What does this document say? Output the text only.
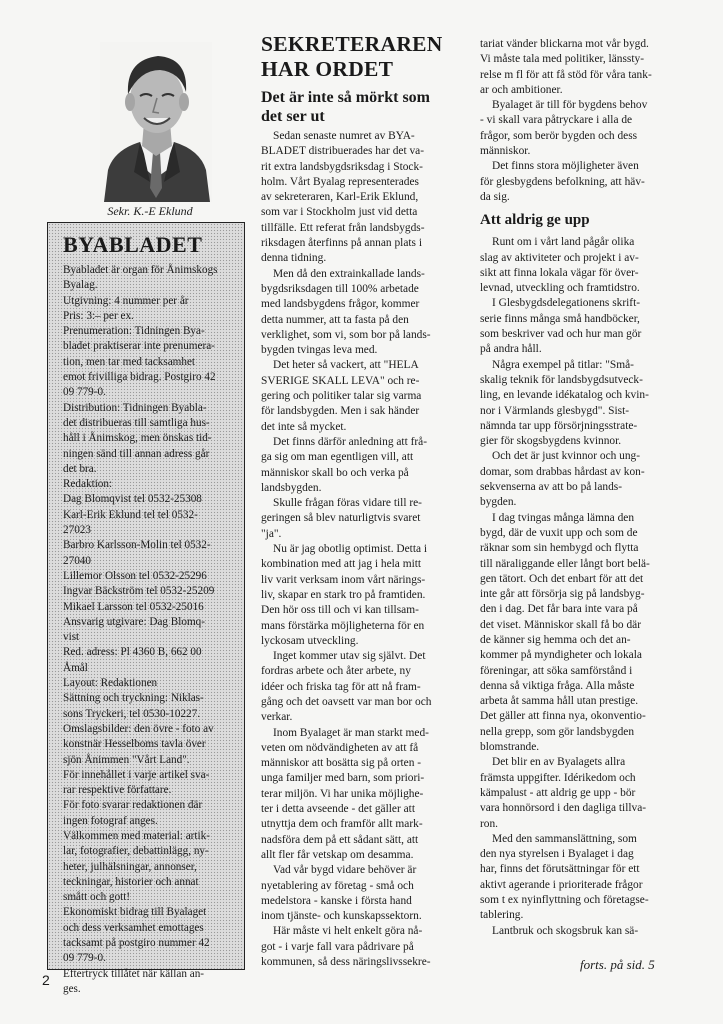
Sekr. K.-E Eklund
BYABLADET
Byabladet är organ för Ånimskogs
Byalag.
Utgivning: 4 nummer per år
Pris: 3:– per ex.
Prenumeration: Tidningen Bya-
bladet praktiserar inte prenumera-
tion, men tar med tacksamhet
emot frivilliga bidrag. Postgiro 42
09 779-0.
Distribution: Tidningen Byabla-
det distribueras till samtliga hus-
håll i Ånimskog, men önskas tid-
ningen sänd till annan adress går
det bra.
Redaktion:
Dag Blomqvist tel 0532-25308
Karl-Erik Eklund tel tel 0532-
27023
Barbro Karlsson-Molin tel 0532-
27040
Lillemor Olsson tel 0532-25296
Ingvar Bäckström tel 0532-25209
Mikael Larsson tel 0532-25016
Ansvarig utgivare: Dag Blomq-
vist
Red. adress: Pl 4360 B, 662 00
Åmål
Layout: Redaktionen
Sättning och tryckning: Niklas-
sons Tryckeri, tel 0530-10227.
Omslagsbilder: den övre - foto av
konstnär Hesselboms tavla över
sjön Ånimmen "Vårt Land".
För innehållet i varje artikel sva-
rar respektive författare.
För foto svarar redaktionen där
ingen fotograf anges.
Välkommen med material: artik-
lar, fotografier, debattinlägg, ny-
heter, julhälsningar, annonser,
teckningar, historier och annat
smått och gott!
Ekonomiskt bidrag till Byalaget
och dess verksamhet emottages
tacksamt på postgiro nummer 42
09 779-0.
Eftertryck tillåtet när källan an-
ges.
2
SEKRETERAREN
HAR ORDET
Det är inte så mörkt som
det ser ut
Sedan senaste numret av BYA-
BLADET distribuerades har det va-
rit extra landsbygdsriksdag i Stock-
holm. Vårt Byalag representerades
av sekreteraren, Karl-Erik Eklund,
som var i Stockholm just vid detta
tillfälle. Ett referat från landsbygds-
riksdagen återfinns på annan plats i
denna tidning.
Men då den extrainkallade lands-
bygdsriksdagen till 100% arbetade
med landsbygdens frågor, kommer
detta nummer, att ta fasta på den
verklighet, som vi, som bor på lands-
bygden tvingas leva med.
Det heter så vackert, att "HELA
SVERIGE SKALL LEVA" och re-
gering och politiker talar sig varma
för landsbygden. Men i sak händer
det inte så mycket.
Det finns därför anledning att frå-
ga sig om man egentligen vill, att
människor skall bo och verka på
landsbygden.
Skulle frågan föras vidare till re-
geringen så blev naturligtvis svaret
"ja".
Nu är jag obotlig optimist. Detta i
kombination med att jag i hela mitt
liv varit verksam inom vårt närings-
liv, skapar en stark tro på framtiden.
Den hör oss till och vi kan tillsam-
mans förstärka möjligheterna för en
lyckosam utveckling.
Inget kommer utav sig självt. Det
fordras arbete och åter arbete, ny
idéer och friska tag för att nå fram-
gång och det oavsett var man bor och
verkar.
Inom Byalaget är man starkt med-
veten om nödvändigheten av att få
människor att bosätta sig på orten -
unga familjer med barn, som priori-
terar miljön. Vi har unika möjlighe-
ter i detta avseende - det gäller att
utnyttja dem och framför allt mark-
nadsföra dem på ett sådant sätt, att
allt fler får vetskap om desamma.
Vad vår bygd vidare behöver är
nyetablering av företag - små och
medelstora - kanske i första hand
inom tjänste- och kunskapssektorn.
Här måste vi helt enkelt göra nå-
got - i varje fall vara pådrivare på
kommunen, så dess näringslivssekre-
tariat vänder blickarna mot vår bygd.
Vi måste tala med politiker, länssty-
relse m fl för att få stöd för våra tank-
ar och ambitioner.
Byalaget är till för bygdens behov
- vi skall vara påtryckare i alla de
frågor, som berör bygden och dess
människor.
Det finns stora möjligheter även
för glesbygdens befolkning, att häv-
da sig.
Att aldrig ge upp
Runt om i vårt land pågår olika
slag av aktiviteter och projekt i av-
sikt att finna lokala vägar för över-
levnad, utveckling och framtidstro.
I Glesbygdsdelegationens skrift-
serie finns många små handböcker,
som beskriver vad och hur man gör
på andra håll.
Några exempel på titlar: "Små-
skalig teknik för landsbygdsutveck-
ling, en levande idékatalog och kvin-
nor i Värmlands glesbygd". Sist-
nämnda tar upp försörjningsstrate-
gier för skogsbygdens kvinnor.
Och det är just kvinnor och ung-
domar, som drabbas hårdast av kon-
sekvenserna av att bo på lands-
bygden.
I dag tvingas många lämna den
bygd, där de vuxit upp och som de
räknar som sin hembygd och flytta
till näraliggande eller långt bort belä-
gen tätort. Och det enbart för att det
inte går att försörja sig på landsbyg-
den i dag. Det får bara inte vara på
det viset. Människor skall få bo där
de känner sig hemma och det an-
kommer på myndigheter och lokala
föreningar, att söka samförstånd i
denna så viktiga fråga. Alla måste
arbeta åt samma håll utan prestige.
Det gäller att finna nya, okonventio-
nella grepp, som gör landsbygden
blomstrande.
Det blir en av Byalagets allra
främsta uppgifter. Idérikedom och
kämpalust - att aldrig ge upp - bör
vara honnörsord i den dagliga tillva-
ron.
Med den sammanslättning, som
den nya styrelsen i Byalaget i dag
har, finns det förutsättningar för ett
aktivt agerande i prioriterade frågor
som t ex nyinflyttning och företagse-
tablering.
Lantbruk och skogsbruk kan sä-
forts. på sid. 5
